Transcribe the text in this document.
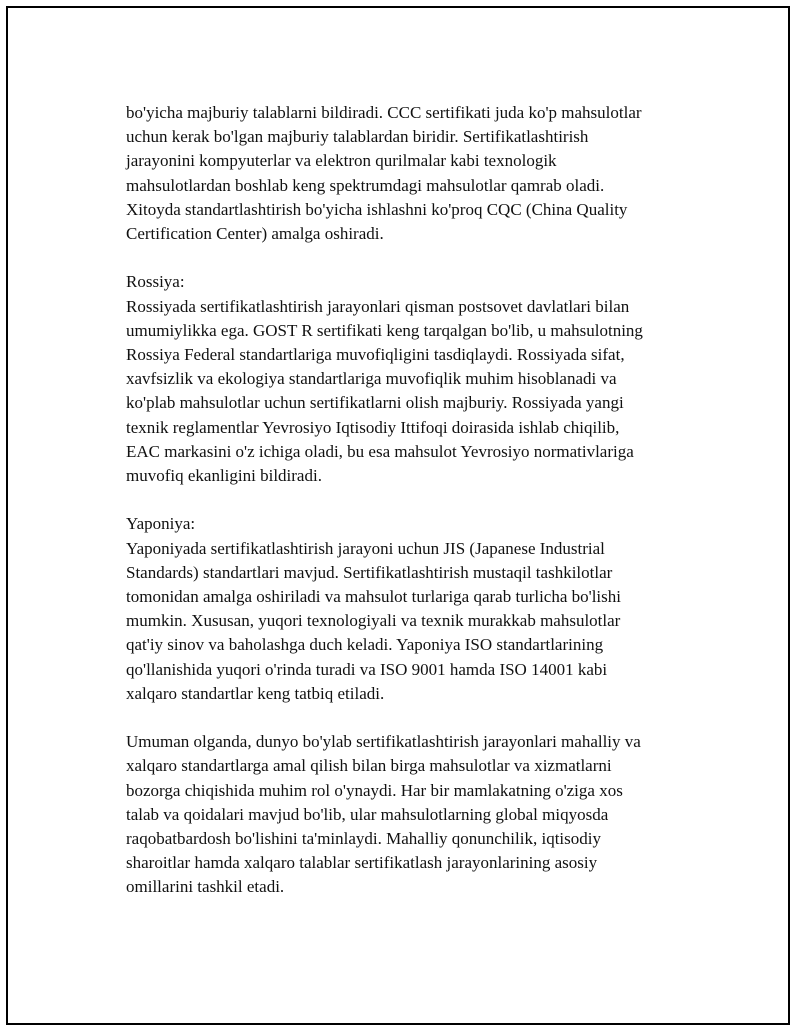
bo'yicha majburiy talablarni bildiradi. CCC sertifikati juda ko'p mahsulotlar
uchun kerak bo'lgan majburiy talablardan biridir. Sertifikatlashtirish
jarayonini kompyuterlar va elektron qurilmalar kabi texnologik
mahsulotlardan boshlab keng spektrumdagi mahsulotlar qamrab oladi.
Xitoyda standartlashtirish bo'yicha ishlashni ko'proq CQC (China Quality
Certification Center) amalga oshiradi.
Rossiya:
Rossiyada sertifikatlashtirish jarayonlari qisman postsovet davlatlari bilan
umumiylikka ega. GOST R sertifikati keng tarqalgan bo'lib, u mahsulotning
Rossiya Federal standartlariga muvofiqligini tasdiqlaydi. Rossiyada sifat,
xavfsizlik va ekologiya standartlariga muvofiqlik muhim hisoblanadi va
ko'plab mahsulotlar uchun sertifikatlarni olish majburiy. Rossiyada yangi
texnik reglamentlar Yevrosiyo Iqtisodiy Ittifoqi doirasida ishlab chiqilib,
EAC markasini o'z ichiga oladi, bu esa mahsulot Yevrosiyo normativlariga
muvofiq ekanligini bildiradi.
Yaponiya:
Yaponiyada sertifikatlashtirish jarayoni uchun JIS (Japanese Industrial
Standards) standartlari mavjud. Sertifikatlashtirish mustaqil tashkilotlar
tomonidan amalga oshiriladi va mahsulot turlariga qarab turlicha bo'lishi
mumkin. Xususan, yuqori texnologiyali va texnik murakkab mahsulotlar
qat'iy sinov va baholashga duch keladi. Yaponiya ISO standartlarining
qo'llanishida yuqori o'rinda turadi va ISO 9001 hamda ISO 14001 kabi
xalqaro standartlar keng tatbiq etiladi.
Umuman olganda, dunyo bo'ylab sertifikatlashtirish jarayonlari mahalliy va
xalqaro standartlarga amal qilish bilan birga mahsulotlar va xizmatlarni
bozorga chiqishida muhim rol o'ynaydi. Har bir mamlakatning o'ziga xos
talab va qoidalari mavjud bo'lib, ular mahsulotlarning global miqyosda
raqobatbardosh bo'lishini ta'minlaydi. Mahalliy qonunchilik, iqtisodiy
sharoitlar hamda xalqaro talablar sertifikatlash jarayonlarining asosiy
omillarini tashkil etadi.
